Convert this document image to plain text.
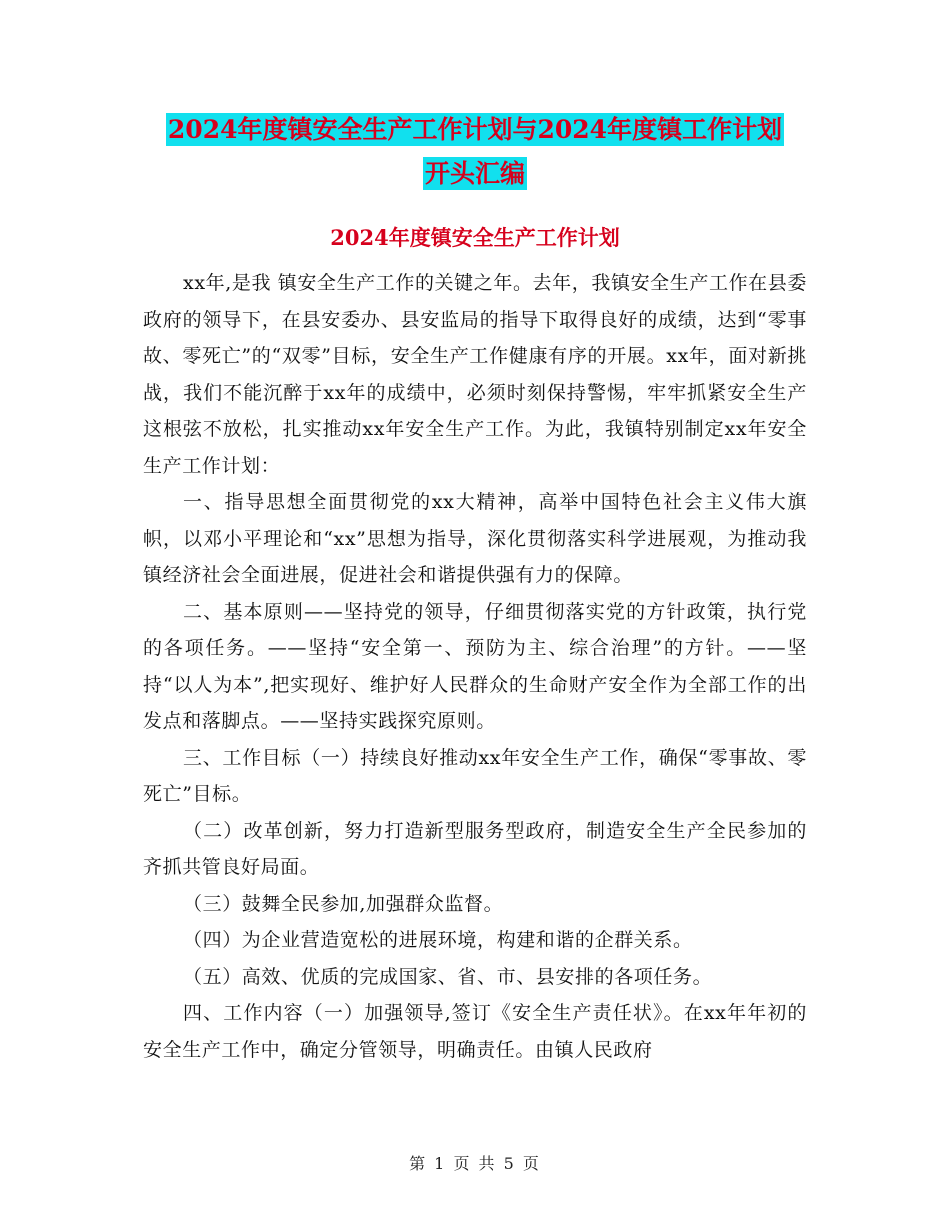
2024年度镇安全生产工作计划与2024年度镇工作计划
开头汇编
2024年度镇安全生产工作计划

xx年,是我 镇安全生产工作的关键之年。去年，我镇安全生产工作在县委政府的领导下，在县安委办、县安监局的指导下取得良好的成绩，达到“零事故、零死亡”的“双零”目标，安全生产工作健康有序的开展。xx年，面对新挑战，我们不能沉醉于xx年的成绩中，必须时刻保持警惕，牢牢抓紧安全生产这根弦不放松，扎实推动xx年安全生产工作。为此，我镇特别制定xx年安全生产工作计划：

一、指导思想全面贯彻党的xx大精神，高举中国特色社会主义伟大旗帜，以邓小平理论和“xx”思想为指导，深化贯彻落实科学进展观，为推动我镇经济社会全面进展，促进社会和谐提供强有力的保障。

二、基本原则——坚持党的领导，仔细贯彻落实党的方针政策，执行党的各项任务。——坚持“安全第一、预防为主、综合治理”的方针。——坚持“以人为本”,把实现好、维护好人民群众的生命财产安全作为全部工作的出发点和落脚点。——坚持实践探究原则。

三、工作目标（一）持续良好推动xx年安全生产工作，确保“零事故、零死亡”目标。

（二）改革创新，努力打造新型服务型政府，制造安全生产全民参加的齐抓共管良好局面。

（三）鼓舞全民参加,加强群众监督。

（四）为企业营造宽松的进展环境，构建和谐的企群关系。

（五）高效、优质的完成国家、省、市、县安排的各项任务。

四、工作内容（一）加强领导,签订《安全生产责任状》。在xx年年初的安全生产工作中，确定分管领导，明确责任。由镇人民政府

第 1 页 共 5 页
